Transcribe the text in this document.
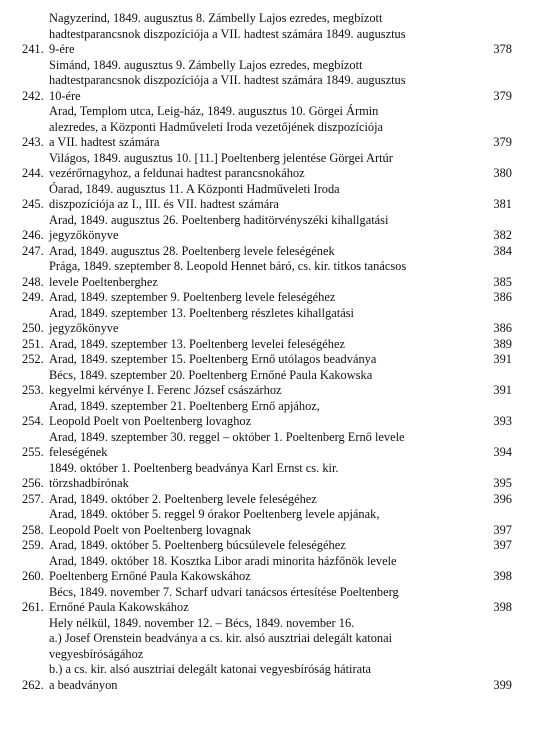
241.
Nagyzerind, 1849. augusztus 8. Zámbelly Lajos ezredes, megbízott
hadtestparancsnok diszpozíciója a VII. hadtest számára 1849. augusztus
9-ére	378
242.
Simánd, 1849. augusztus 9. Zámbelly Lajos ezredes, megbízott
hadtestparancsnok diszpozíciója a VII. hadtest számára 1849. augusztus
10-ére	379
243.
Arad, Templom utca, Leig-ház, 1849. augusztus 10. Görgei Ármin
alezredes, a Központi Hadműveleti Iroda vezetőjének diszpozíciója
a VII. hadtest számára	379
244.
Világos, 1849. augusztus 10. [11.] Poeltenberg jelentése Görgei Artúr
vezérőrnagyhoz, a feldunai hadtest parancsnokához	380
245.
Óarad, 1849. augusztus 11. A Központi Hadműveleti Iroda
diszpozíciója az I., III. és VII. hadtest számára	381
246.
Arad, 1849. augusztus 26. Poeltenberg haditörvényszéki kihallgatási
jegyzőkönyve	382
247. Arad, 1849. augusztus 28. Poeltenberg levele feleségének	384
248.
Prága, 1849. szeptember 8. Leopold Hennet báró, cs. kir. titkos tanácsos
levele Poeltenberghez	385
249. Arad, 1849. szeptember 9. Poeltenberg levele feleségéhez	386
250.
Arad, 1849. szeptember 13. Poeltenberg részletes kihallgatási
jegyzőkönyve	386
251. Arad, 1849. szeptember 13. Poeltenberg levelei feleségéhez	389
252. Arad, 1849. szeptember 15. Poeltenberg Ernő utólagos beadványa	391
253.
Bécs, 1849. szeptember 20. Poeltenberg Ernőné Paula Kakowska
kegyelmi kérvénye I. Ferenc József császárhoz	391
254.
Arad, 1849. szeptember 21. Poeltenberg Ernő apjához,
Leopold Poelt von Poeltenberg lovaghoz	393
255.
Arad, 1849. szeptember 30. reggel – október 1. Poeltenberg Ernő levele
feleségének	394
256.
1849. október 1. Poeltenberg beadványa Karl Ernst cs. kir.
törzshadbírónak	395
257. Arad, 1849. október 2. Poeltenberg levele feleségéhez	396
258.
Arad, 1849. október 5. reggel 9 órakor Poeltenberg levele apjának,
Leopold Poelt von Poeltenberg lovagnak	397
259. Arad, 1849. október 5. Poeltenberg búcsúlevele feleségéhez	397
260.
Arad, 1849. október 18. Kosztka Libor aradi minorita házfőnök levele
Poeltenberg Ernőné Paula Kakowskához	398
261.
Bécs, 1849. november 7. Scharf udvari tanácsos értesítése Poeltenberg
Ernőné Paula Kakowskához	398
262.
Hely nélkül, 1849. november 12. – Bécs, 1849. november 16.
a.) Josef Orenstein beadványa a cs. kir. alsó ausztriai delegált katonai
vegyesbíróságához
b.) a cs. kir. alsó ausztriai delegált katonai vegyesbíróság hátirata
a beadványon	399
